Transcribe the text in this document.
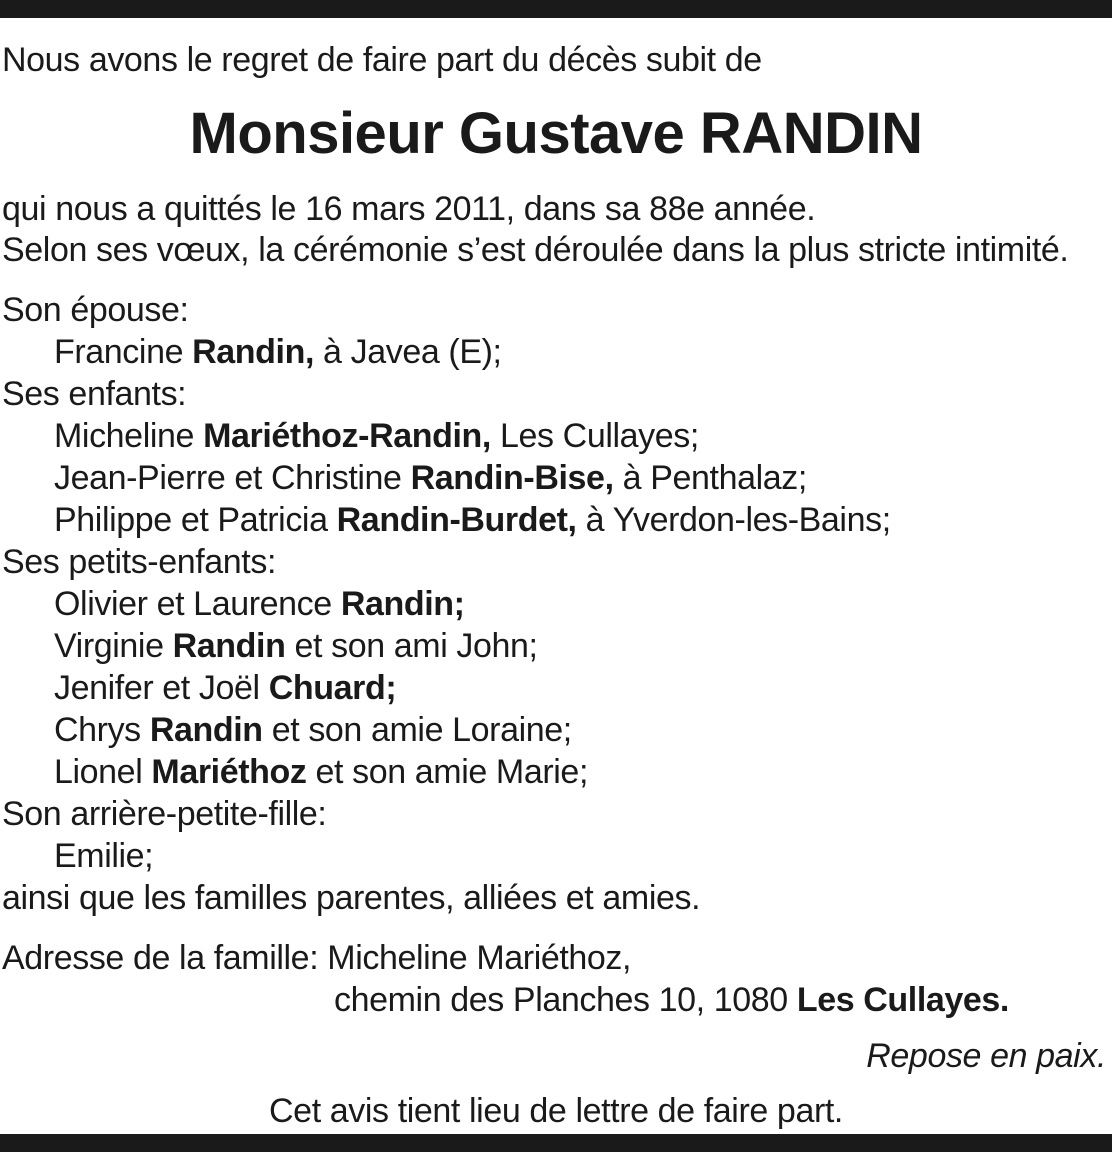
Nous avons le regret de faire part du décès subit de
Monsieur Gustave RANDIN
qui nous a quittés le 16 mars 2011, dans sa 88e année.
Selon ses vœux, la cérémonie s’est déroulée dans la plus stricte intimité.
Son épouse:
Francine Randin, à Javea (E);
Ses enfants:
Micheline Mariéthoz-Randin, Les Cullayes;
Jean-Pierre et Christine Randin-Bise, à Penthalaz;
Philippe et Patricia Randin-Burdet, à Yverdon-les-Bains;
Ses petits-enfants:
Olivier et Laurence Randin;
Virginie Randin et son ami John;
Jenifer et Joël Chuard;
Chrys Randin et son amie Loraine;
Lionel Mariéthoz et son amie Marie;
Son arrière-petite-fille:
Emilie;
ainsi que les familles parentes, alliées et amies.
Adresse de la famille: Micheline Mariéthoz,
chemin des Planches 10, 1080 Les Cullayes.
Repose en paix.
Cet avis tient lieu de lettre de faire part.
